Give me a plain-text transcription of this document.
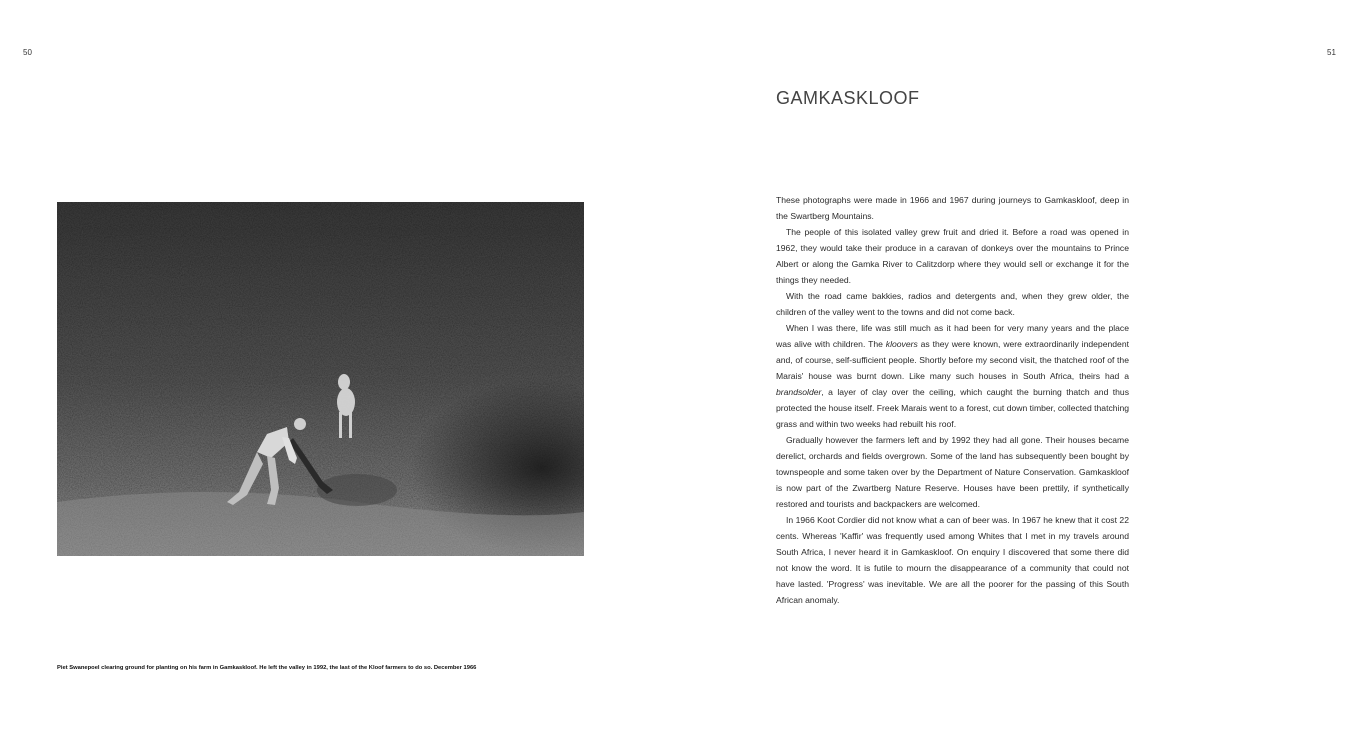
50	51
Piet Swanepoel clearing ground for planting on his farm in Gamkaskloof. He left the valley in 1992, the last of the Kloof farmers to do so. December 1966
GAMKASKLOOF

These photographs were made in 1966 and 1967 during journeys to Gamkaskloof, deep in the Swartberg Mountains.

The people of this isolated valley grew fruit and dried it. Before a road was opened in 1962, they would take their produce in a caravan of donkeys over the mountains to Prince Albert or along the Gamka River to Calitzdorp where they would sell or exchange it for the things they needed.

With the road came bakkies, radios and detergents and, when they grew older, the children of the valley went to the towns and did not come back.

When I was there, life was still much as it had been for very many years and the place was alive with children. The kloovers as they were known, were extraordinarily independent and, of course, self-sufficient people. Shortly before my second visit, the thatched roof of the Marais' house was burnt down. Like many such houses in South Africa, theirs had a brandsolder, a layer of clay over the ceiling, which caught the burning thatch and thus protected the house itself. Freek Marais went to a forest, cut down timber, collected thatching grass and within two weeks had rebuilt his roof.

Gradually however the farmers left and by 1992 they had all gone. Their houses became derelict, orchards and fields overgrown. Some of the land has subsequently been bought by townspeople and some taken over by the Department of Nature Conservation. Gamkaskloof is now part of the Zwartberg Nature Reserve. Houses have been prettily, if synthetically restored and tourists and backpackers are welcomed.

In 1966 Koot Cordier did not know what a can of beer was. In 1967 he knew that it cost 22 cents. Whereas 'Kaffir' was frequently used among Whites that I met in my travels around South Africa, I never heard it in Gamkaskloof. On enquiry I discovered that some there did not know the word. It is futile to mourn the disappearance of a community that could not have lasted. 'Progress' was inevitable. We are all the poorer for the passing of this South African anomaly.
